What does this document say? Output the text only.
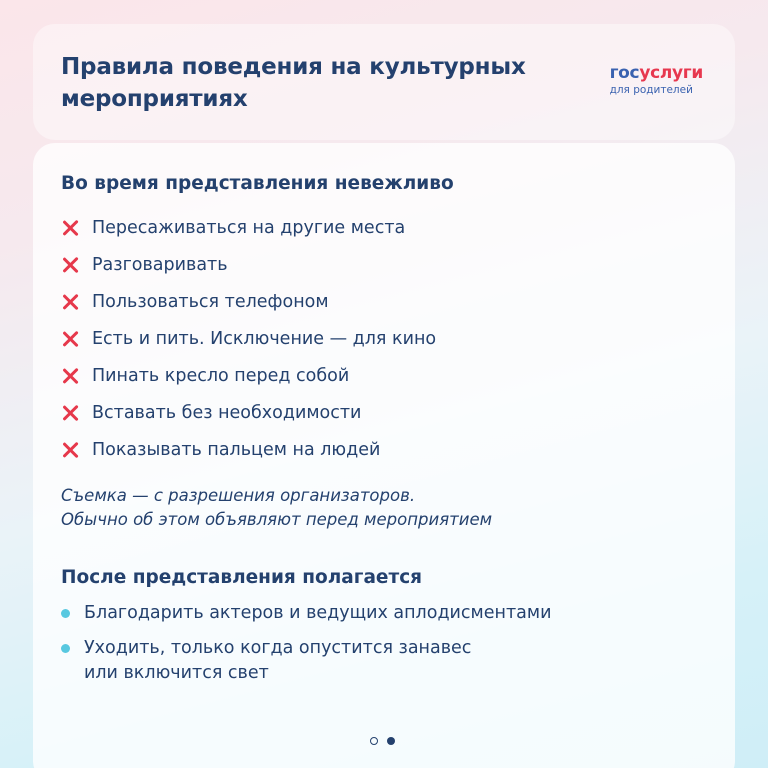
Правила поведения на культурных мероприятиях
госуслуги
для родителей
Во время представления невежливо
Пересаживаться на другие места
Разговаривать
Пользоваться телефоном
Есть и пить. Исключение — для кино
Пинать кресло перед собой
Вставать без необходимости
Показывать пальцем на людей

Съемка — с разрешения организаторов.
Обычно об этом объявляют перед мероприятием

После представления полагается
Благодарить актеров и ведущих аплодисментами
Уходить, только когда опустится занавес
или включится свет
